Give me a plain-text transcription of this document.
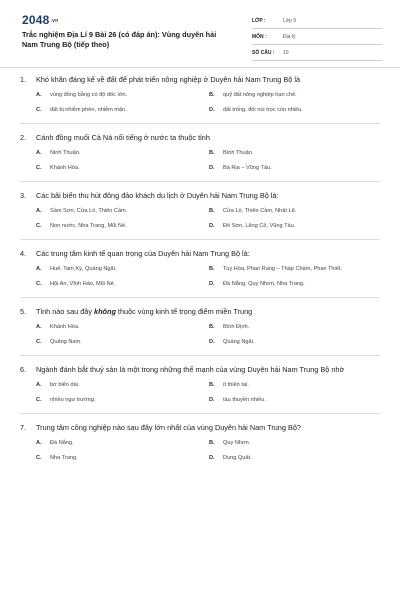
2048.vn
Trắc nghiệm Địa Lí 9 Bài 26 (có đáp án): Vùng duyên hải Nam Trung Bộ (tiếp theo)
LỚP :	Lớp 9
MÔN :	Địa lý
SỐ CÂU :	10
1.	Khó khăn đáng kể về đất để phát triển nông nghiệp ở Duyên hải Nam Trung Bộ là
A.	vùng đồng bằng có độ dốc lớn.	B.	quỹ đất nông nghiệp hạn chế.
C.	đất bị nhiễm phèn, nhiễm mặn.	D.	đất trống, đồi núi trọc còn nhiều.
2.	Cánh đồng muối Cà Ná nổi tiếng ở nước ta thuộc tỉnh
A.	Ninh Thuận.	B.	Bình Thuận.
C.	Khánh Hòa.	D.	Bà Rịa – Vũng Tàu.
3.	Các bãi biển thu hút đông đảo khách du lịch ở Duyên hải Nam Trung Bộ là:
A.	Sầm Sơn, Cửa Lò, Thiên Cầm.	B.	Cửa Lò, Thiên Cầm, Nhật Lệ.
C.	Non nước, Nha Trang, Mũi Né.	D.	Đồ Sơn, Lăng Cô, Vũng Tàu.
4.	Các trung tâm kinh tế quan trọng của Duyên hải Nam Trung Bộ là:
A.	Huế, Tam Kỳ, Quảng Ngãi.	B.	Tuy Hòa, Phan Rang – Tháp Chàm, Phan Thiết.
C.	Hội An, Vĩnh Hảo, Mũi Né.	D.	Đà Nẵng, Quy Nhơn, Nha Trang.
5.	Tỉnh nào sau đây không thuộc vùng kinh tế trọng điểm miền Trung
A.	Khánh Hòa.	B.	Bình Định.
C.	Quảng Nam.	D.	Quảng Ngãi.
6.	Ngành đánh bắt thuỷ sản là một trong những thế mạnh của vùng Duyên hải Nam Trung Bộ nhờ
A.	bờ biển dài.	B.	ít thiên tai.
C.	nhiều ngư trường.	D.	tàu thuyền nhiều.
7.	Trung tâm công nghiệp nào sau đây lớn nhất của vùng Duyên hải Nam Trung Bộ?
A.	Đà Nẵng.	B.	Quy Nhơn.
C.	Nha Trang.	D.	Dung Quất.
